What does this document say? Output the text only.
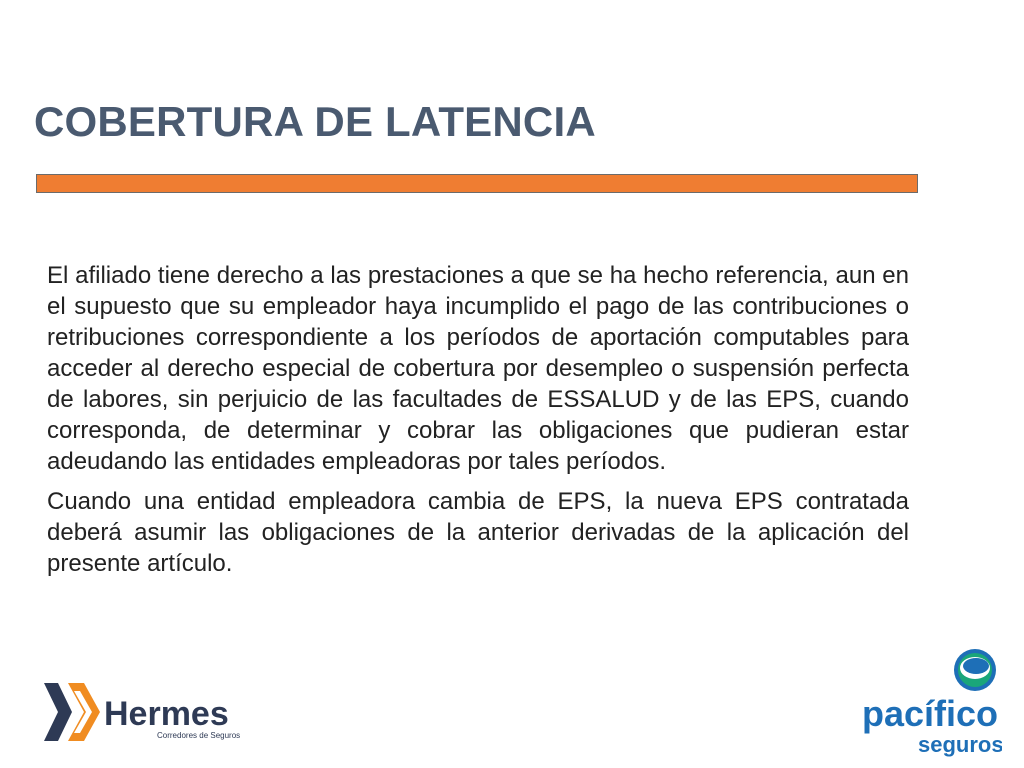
COBERTURA DE LATENCIA

El afiliado tiene derecho a las prestaciones a que se ha hecho referencia, aun en el supuesto que su empleador haya incumplido el pago de las contribuciones o retribuciones correspondiente a los períodos de aportación computables para acceder al derecho especial de cobertura por desempleo o suspensión perfecta de labores, sin perjuicio de las facultades de ESSALUD y de las EPS, cuando corresponda, de determinar y cobrar las obligaciones que pudieran estar adeudando las entidades empleadoras por tales períodos.

Cuando una entidad empleadora cambia de EPS, la nueva EPS contratada deberá asumir las obligaciones de la anterior derivadas de la aplicación del presente artículo.

Hermes
Corredores de Seguros
pacífico
seguros
